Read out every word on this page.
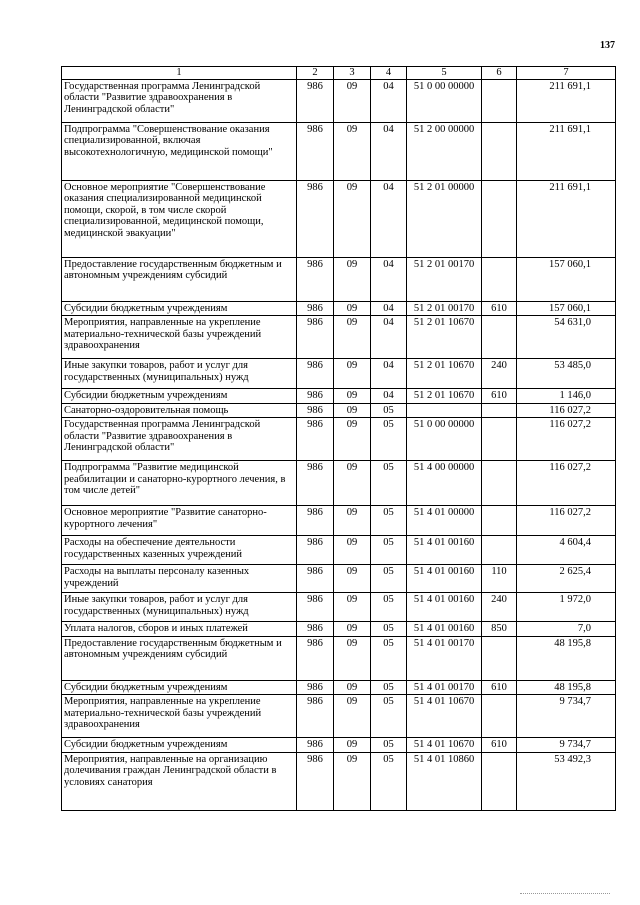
137
1	2	3	4	5	6	7
Государственная программа Ленинградской области "Развитие здравоохранения в Ленинградской области"	986	09	04	51 0 00 00000		211 691,1
Подпрограмма "Совершенствование оказания специализированной, включая высокотехнологичную, медицинской помощи"	986	09	04	51 2 00 00000		211 691,1
Основное мероприятие "Совершенствование оказания специализированной медицинской помощи, скорой, в том числе скорой специализированной, медицинской помощи, медицинской эвакуации"	986	09	04	51 2 01 00000		211 691,1
Предоставление государственным бюджетным и автономным учреждениям субсидий	986	09	04	51 2 01 00170		157 060,1
Субсидии бюджетным учреждениям	986	09	04	51 2 01 00170	610	157 060,1
Мероприятия, направленные на укрепление материально-технической базы учреждений здравоохранения	986	09	04	51 2 01 10670		54 631,0
Иные закупки товаров, работ и услуг для государственных (муниципальных) нужд	986	09	04	51 2 01 10670	240	53 485,0
Субсидии бюджетным учреждениям	986	09	04	51 2 01 10670	610	1 146,0
Санаторно-оздоровительная помощь	986	09	05			116 027,2
Государственная программа Ленинградской области "Развитие здравоохранения в Ленинградской области"	986	09	05	51 0 00 00000		116 027,2
Подпрограмма "Развитие медицинской реабилитации и санаторно-курортного лечения, в том числе детей"	986	09	05	51 4 00 00000		116 027,2
Основное мероприятие "Развитие санаторно-курортного лечения"	986	09	05	51 4 01 00000		116 027,2
Расходы на обеспечение деятельности государственных казенных учреждений	986	09	05	51 4 01 00160		4 604,4
Расходы на выплаты персоналу казенных учреждений	986	09	05	51 4 01 00160	110	2 625,4
Иные закупки товаров, работ и услуг для государственных (муниципальных) нужд	986	09	05	51 4 01 00160	240	1 972,0
Уплата налогов, сборов и иных платежей	986	09	05	51 4 01 00160	850	7,0
Предоставление государственным бюджетным и автономным учреждениям субсидий	986	09	05	51 4 01 00170		48 195,8
Субсидии бюджетным учреждениям	986	09	05	51 4 01 00170	610	48 195,8
Мероприятия, направленные на укрепление материально-технической базы учреждений здравоохранения	986	09	05	51 4 01 10670		9 734,7
Субсидии бюджетным учреждениям	986	09	05	51 4 01 10670	610	9 734,7
Мероприятия, направленные на организацию долечивания граждан Ленинградской области в условиях санатория	986	09	05	51 4 01 10860		53 492,3
